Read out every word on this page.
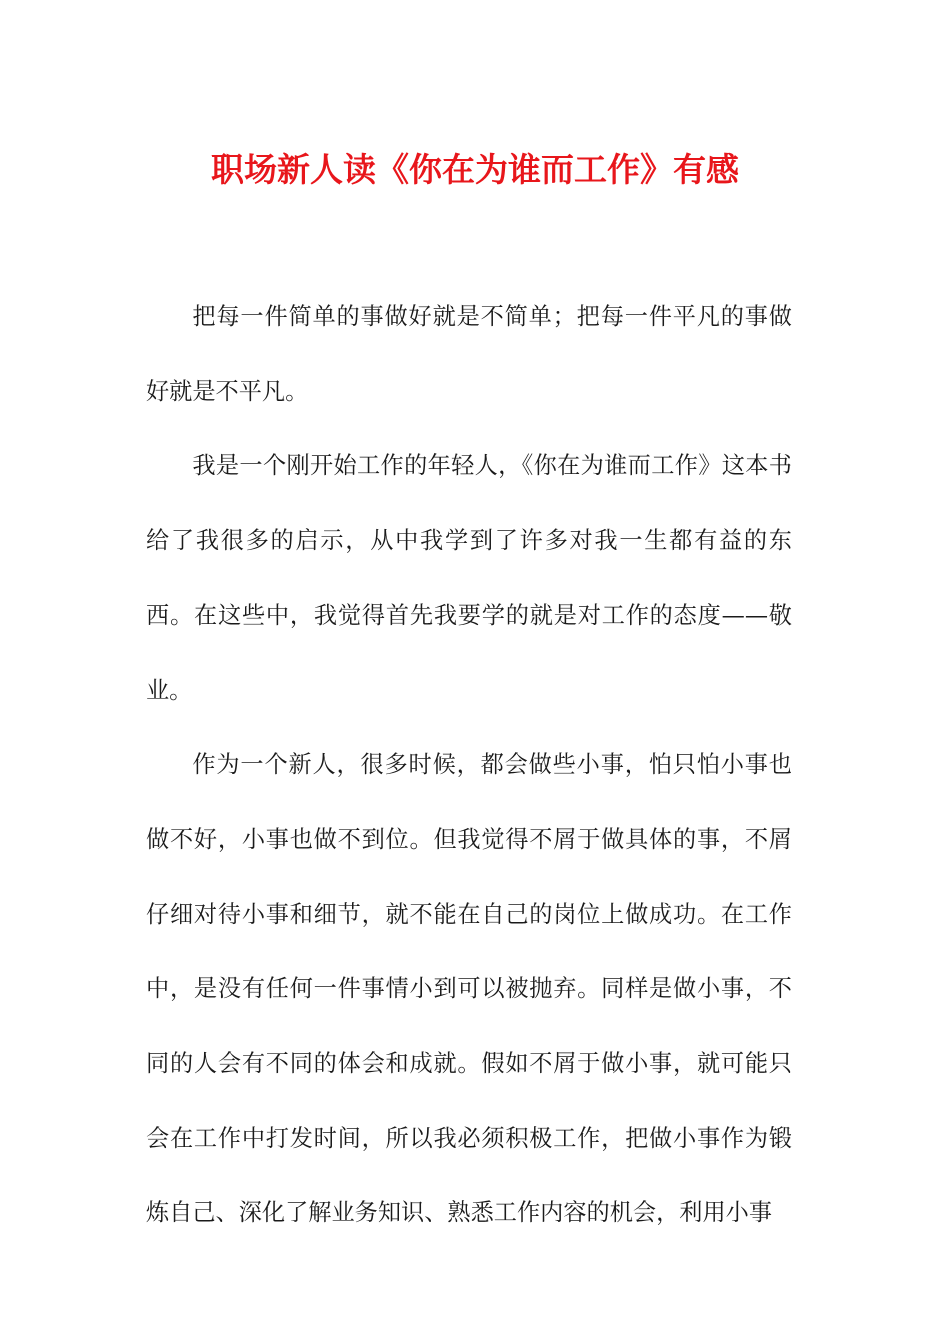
职场新人读《你在为谁而工作》有感

把每一件简单的事做好就是不简单；把每一件平凡的事做好就是不平凡。

我是一个刚开始工作的年轻人，《你在为谁而工作》这本书给了我很多的启示，从中我学到了许多对我一生都有益的东西。在这些中，我觉得首先我要学的就是对工作的态度——敬业。

作为一个新人，很多时候，都会做些小事，怕只怕小事也做不好，小事也做不到位。但我觉得不屑于做具体的事，不屑仔细对待小事和细节，就不能在自己的岗位上做成功。在工作中，是没有任何一件事情小到可以被抛弃。同样是做小事，不同的人会有不同的体会和成就。假如不屑于做小事，就可能只会在工作中打发时间，所以我必须积极工作，把做小事作为锻炼自己、深化了解业务知识、熟悉工作内容的机会，利用小事
